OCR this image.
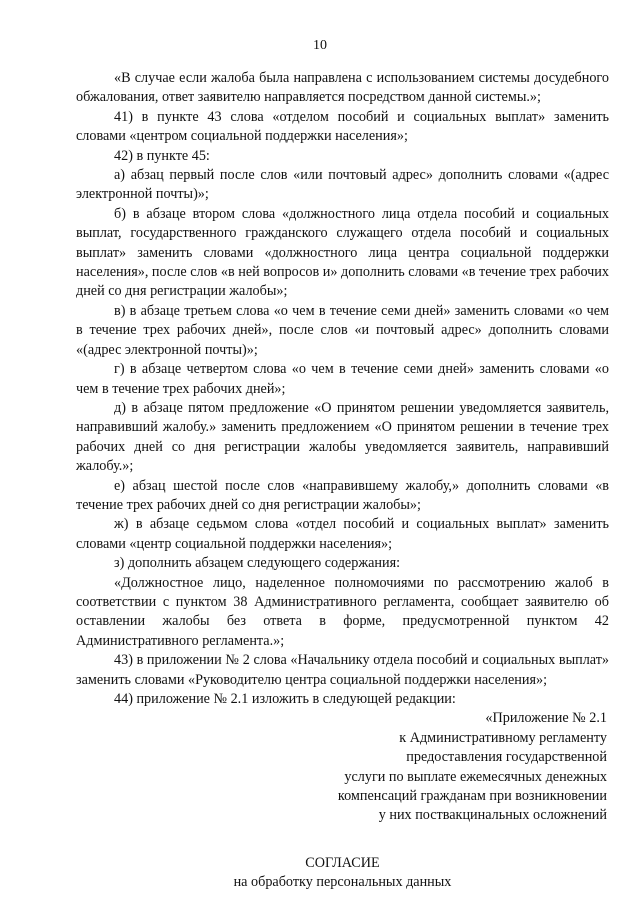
10

«В случае если жалоба была направлена с использованием системы досудебного обжалования, ответ заявителю направляется посредством данной системы.»;

41) в пункте 43 слова «отделом пособий и социальных выплат» заменить словами «центром социальной поддержки населения»;

42) в пункте 45:

а) абзац первый после слов «или почтовый адрес» дополнить словами «(адрес электронной почты)»;

б) в абзаце втором слова «должностного лица отдела пособий и социальных выплат, государственного гражданского служащего отдела пособий и социальных выплат» заменить словами «должностного лица центра социальной поддержки населения», после слов «в ней вопросов и» дополнить словами «в течение трех рабочих дней со дня регистрации жалобы»;

в) в абзаце третьем слова «о чем в течение семи дней» заменить словами «о чем в течение трех рабочих дней», после слов «и почтовый адрес» дополнить словами «(адрес электронной почты)»;

г) в абзаце четвертом слова «о чем в течение семи дней» заменить словами «о чем в течение трех рабочих дней»;

д) в абзаце пятом предложение «О принятом решении уведомляется заявитель, направивший жалобу.» заменить предложением «О принятом решении в течение трех рабочих дней со дня регистрации жалобы уведомляется заявитель, направивший жалобу.»;

е) абзац шестой после слов «направившему жалобу,» дополнить словами «в течение трех рабочих дней со дня регистрации жалобы»;

ж) в абзаце седьмом слова «отдел пособий и социальных выплат» заменить словами «центр социальной поддержки населения»;

з) дополнить абзацем следующего содержания:

«Должностное лицо, наделенное полномочиями по рассмотрению жалоб в соответствии с пунктом 38 Административного регламента, сообщает заявителю об оставлении жалобы без ответа в форме, предусмотренной пунктом 42 Административного регламента.»;

43) в приложении № 2 слова «Начальнику отдела пособий и социальных выплат» заменить словами «Руководителю центра социальной поддержки населения»;

44) приложение № 2.1 изложить в следующей редакции:

«Приложение № 2.1
к Административному регламенту
предоставления государственной
услуги по выплате ежемесячных денежных
компенсаций гражданам при возникновении
у них поствакцинальных осложнений
СОГЛАСИЕ
на обработку персональных данных
